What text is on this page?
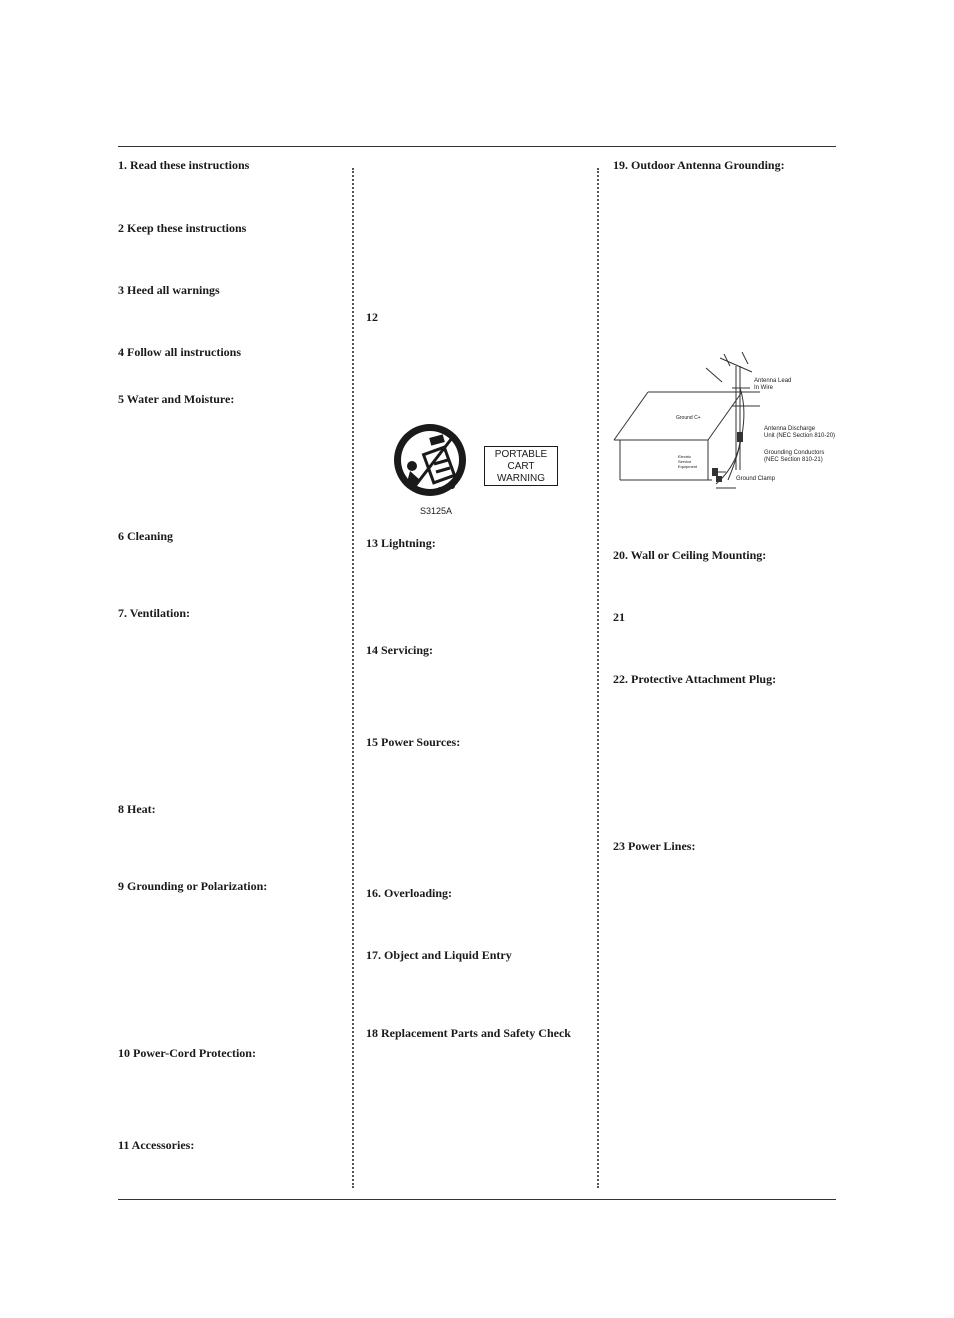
1. Read these instructions
2 Keep these instructions
3 Heed all warnings
4 Follow all instructions
5 Water and Moisture:
6 Cleaning
7. Ventilation:
8 Heat:
9 Grounding or Polarization:
10 Power-Cord Protection:
11 Accessories:
12
PORTABLE
CART
WARNING
S3125A
13 Lightning:
14 Servicing:
15 Power Sources:
16. Overloading:
17. Object and Liquid Entry
18 Replacement Parts and Safety Check
19. Outdoor Antenna Grounding:
Antenna Lead
In Wire
Ground C+
Antenna Discharge
Unit (NEC Section 810-20)
Grounding Conductors
(NEC Section 810-21)
Electric
Service
Equipment
Ground Clamp
20. Wall or Ceiling Mounting:
21
22. Protective Attachment Plug:
23 Power Lines:
